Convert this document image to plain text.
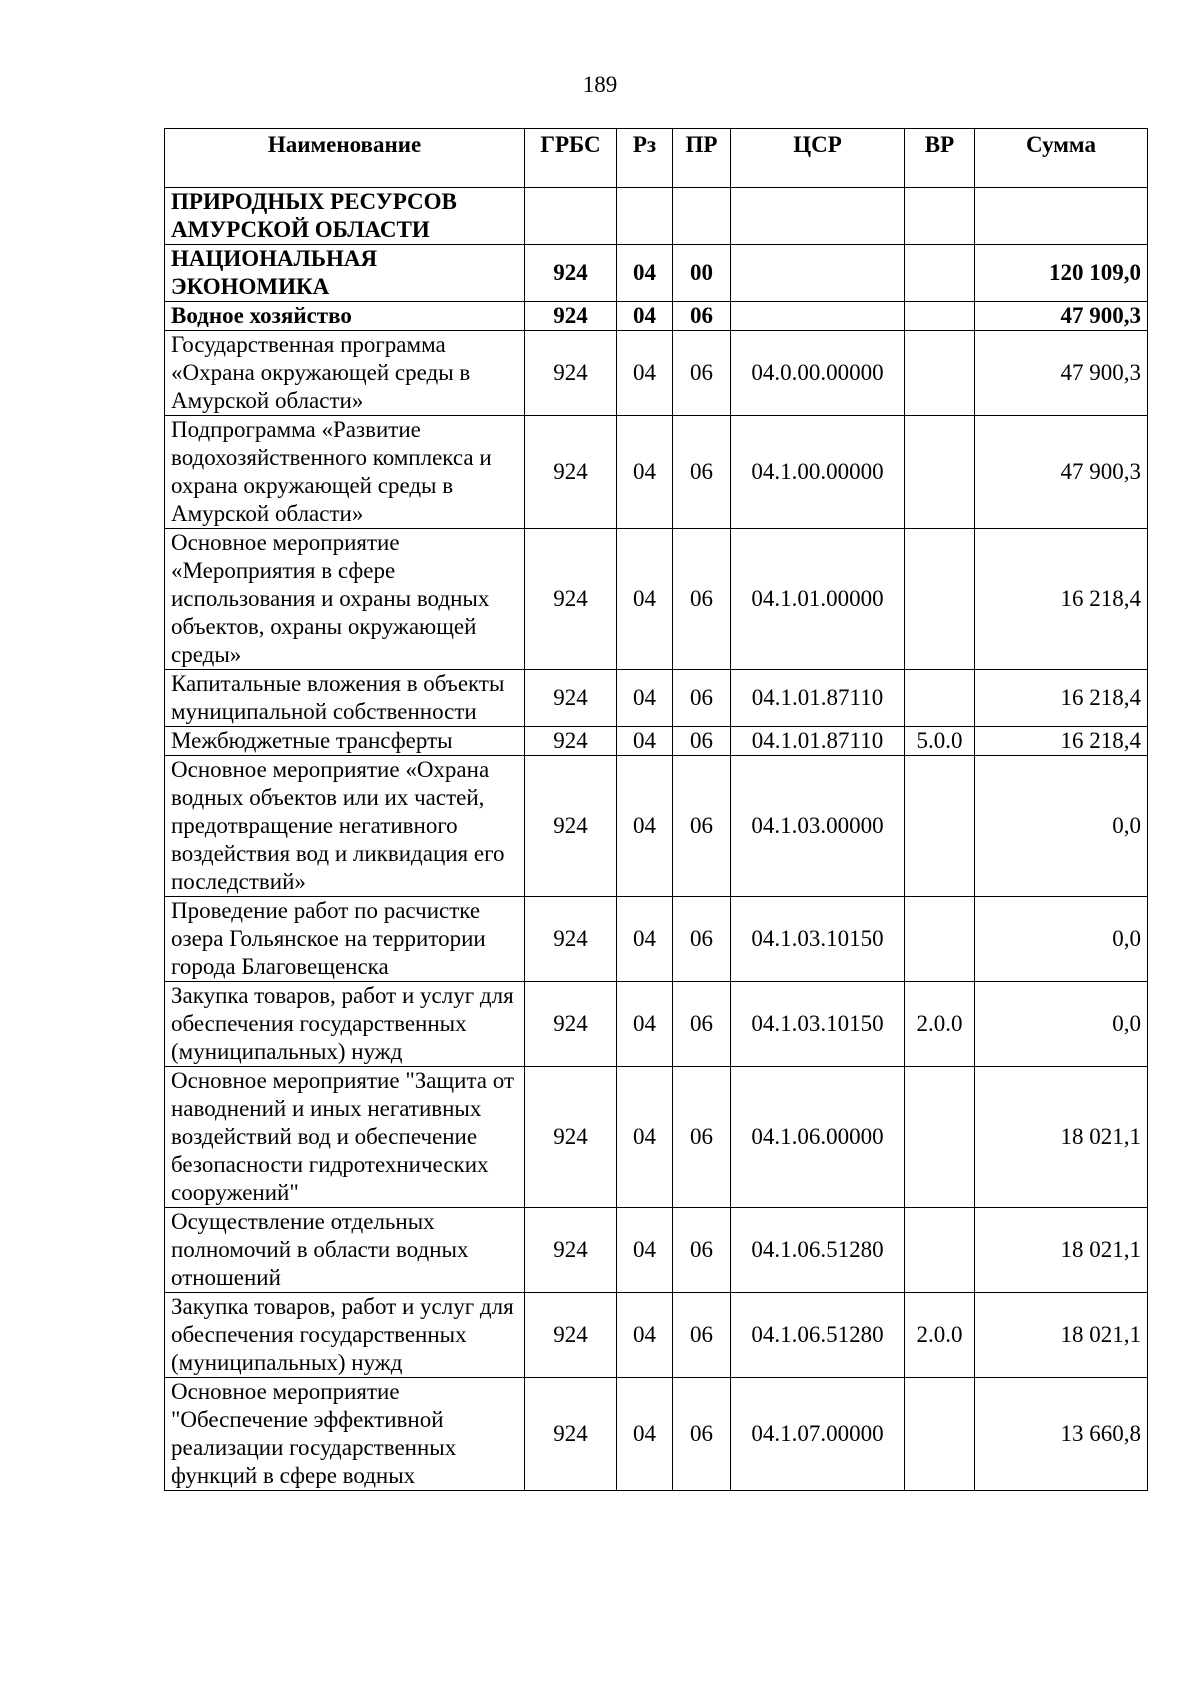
189
Наименование	ГРБС	Рз	ПР	ЦСР	ВР	Сумма
ПРИРОДНЫХ РЕСУРСОВ АМУРСКОЙ ОБЛАСТИ						
НАЦИОНАЛЬНАЯ ЭКОНОМИКА	924	04	00			120 109,0
Водное хозяйство	924	04	06			47 900,3
Государственная программа «Охрана окружающей среды в Амурской области»	924	04	06	04.0.00.00000		47 900,3
Подпрограмма «Развитие водохозяйственного комплекса и охрана окружающей среды в Амурской области»	924	04	06	04.1.00.00000		47 900,3
Основное мероприятие «Мероприятия в сфере использования и охраны водных объектов, охраны окружающей среды»	924	04	06	04.1.01.00000		16 218,4
Капитальные вложения в объекты муниципальной собственности	924	04	06	04.1.01.87110		16 218,4
Межбюджетные трансферты	924	04	06	04.1.01.87110	5.0.0	16 218,4
Основное мероприятие «Охрана водных объектов или их частей, предотвращение негативного воздействия вод и ликвидация его последствий»	924	04	06	04.1.03.00000		0,0
Проведение работ по расчистке озера Гольянское на территории города Благовещенска	924	04	06	04.1.03.10150		0,0
Закупка товаров, работ и услуг для обеспечения государственных (муниципальных) нужд	924	04	06	04.1.03.10150	2.0.0	0,0
Основное мероприятие "Защита от наводнений и иных негативных воздействий вод и обеспечение безопасности гидротехнических сооружений"	924	04	06	04.1.06.00000		18 021,1
Осуществление отдельных полномочий в области водных отношений	924	04	06	04.1.06.51280		18 021,1
Закупка товаров, работ и услуг для обеспечения государственных (муниципальных) нужд	924	04	06	04.1.06.51280	2.0.0	18 021,1
Основное мероприятие "Обеспечение эффективной реализации государственных функций в сфере водных	924	04	06	04.1.07.00000		13 660,8
